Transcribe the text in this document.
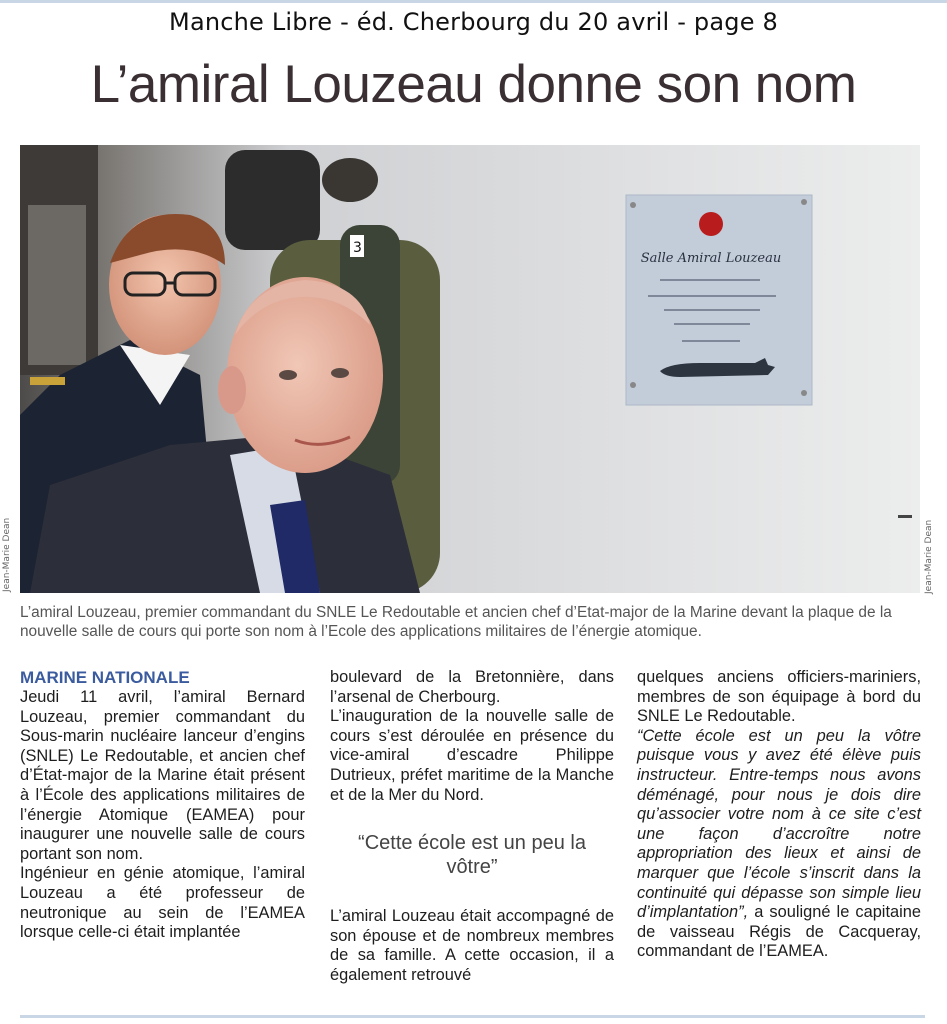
Manche Libre - éd. Cherbourg du 20 avril - page 8
L’amiral Louzeau donne son nom
3
Salle Amiral Louzeau
Jean-Marie Dean	Jean-Marie Dean
L’amiral Louzeau, premier commandant du SNLE Le Redoutable et ancien chef d’Etat-major de la Marine devant la plaque de la nouvelle salle de cours qui porte son nom à l’Ecole des applications militaires de l’énergie atomique.
MARINE NATIONALE

Jeudi 11 avril, l’amiral Bernard Louzeau, premier commandant du Sous-marin nucléaire lanceur d’engins (SNLE) Le Redoutable, et ancien chef d’État-major de la Marine était présent à l’École des applications militaires de l’énergie Atomique (EAMEA) pour inaugurer une nouvelle salle de cours portant son nom.

Ingénieur en génie atomique, l’amiral Louzeau a été professeur de neutronique au sein de l’EAMEA lorsque celle-ci était implantée

boulevard de la Bretonnière, dans l’arsenal de Cherbourg.

L’inauguration de la nouvelle salle de cours s’est déroulée en présence du vice-amiral d’escadre Philippe Dutrieux, préfet maritime de la Manche et de la Mer du Nord.

“Cette école est un peu la vôtre”

L’amiral Louzeau était accompagné de son épouse et de nombreux membres de sa famille. A cette occasion, il a également retrouvé

quelques anciens officiers-mariniers, membres de son équipage à bord du SNLE Le Redoutable.

“Cette école est un peu la vôtre puisque vous y avez été élève puis instructeur. Entre-temps nous avons déménagé, pour nous je dois dire qu’associer votre nom à ce site c’est une façon d’accroître notre appropriation des lieux et ainsi de marquer que l’école s’inscrit dans la continuité qui dépasse son simple lieu d’implantation”, a souligné le capitaine de vaisseau Régis de Cacqueray, commandant de l’EAMEA.
